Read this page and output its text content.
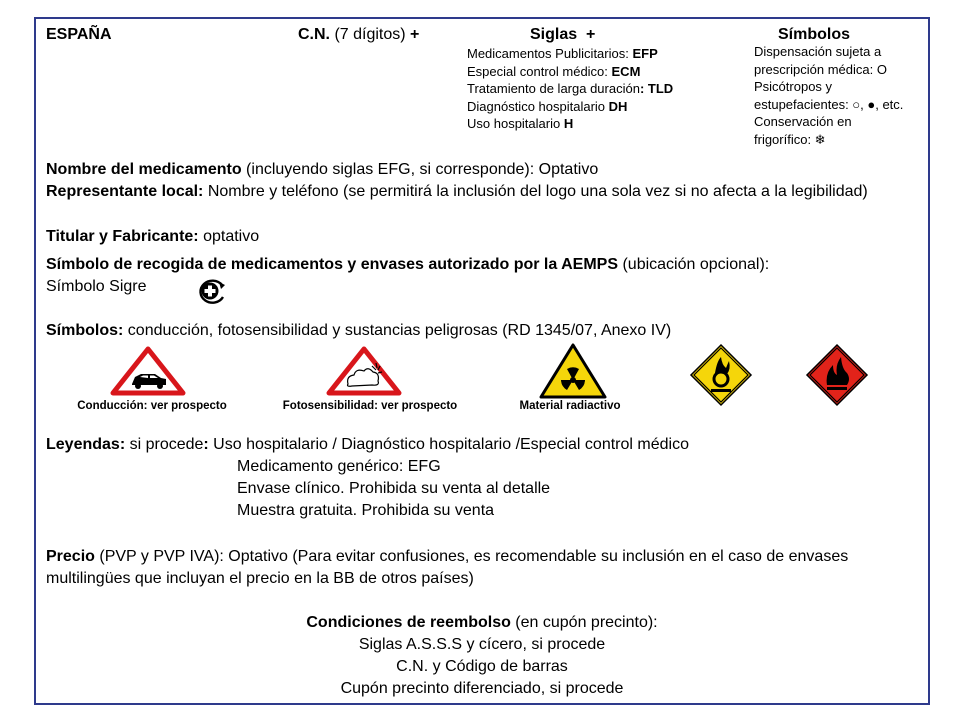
ESPAÑA	C.N. (7 dígitos) +	Siglas +	Símbolos
Medicamentos Publicitarios: EFP
Especial control médico: ECM
Tratamiento de larga duración: TLD
Diagnóstico hospitalario DH
Uso hospitalario H
Dispensación sujeta a
prescripción médica: O
Psicótropos y
estupefacientes: ○, ●, etc.
Conservación en
frigorífico: ❄
Nombre del medicamento (incluyendo siglas EFG, si corresponde): Optativo
Representante local: Nombre y teléfono (se permitirá la inclusión del logo una sola vez si no afecta a la legibilidad)
Titular y Fabricante: optativo
Símbolo de recogida de medicamentos y envases autorizado por la AEMPS (ubicación opcional):
Símbolo Sigre
Símbolos: conducción, fotosensibilidad y sustancias peligrosas (RD 1345/07, Anexo IV)
Conducción: ver prospecto	Fotosensibilidad: ver prospecto	Material radiactivo
Leyendas: si procede: Uso hospitalario / Diagnóstico hospitalario /Especial control médico
Medicamento genérico: EFG
Envase clínico. Prohibida su venta al detalle
Muestra gratuita. Prohibida su venta
Precio (PVP y PVP IVA): Optativo (Para evitar confusiones, es recomendable su inclusión en el caso de envases multilingües que incluyan el precio en la BB de otros países)
Condiciones de reembolso (en cupón precinto):
Siglas A.S.S.S y cícero, si procede
C.N. y Código de barras
Cupón precinto diferenciado, si procede
